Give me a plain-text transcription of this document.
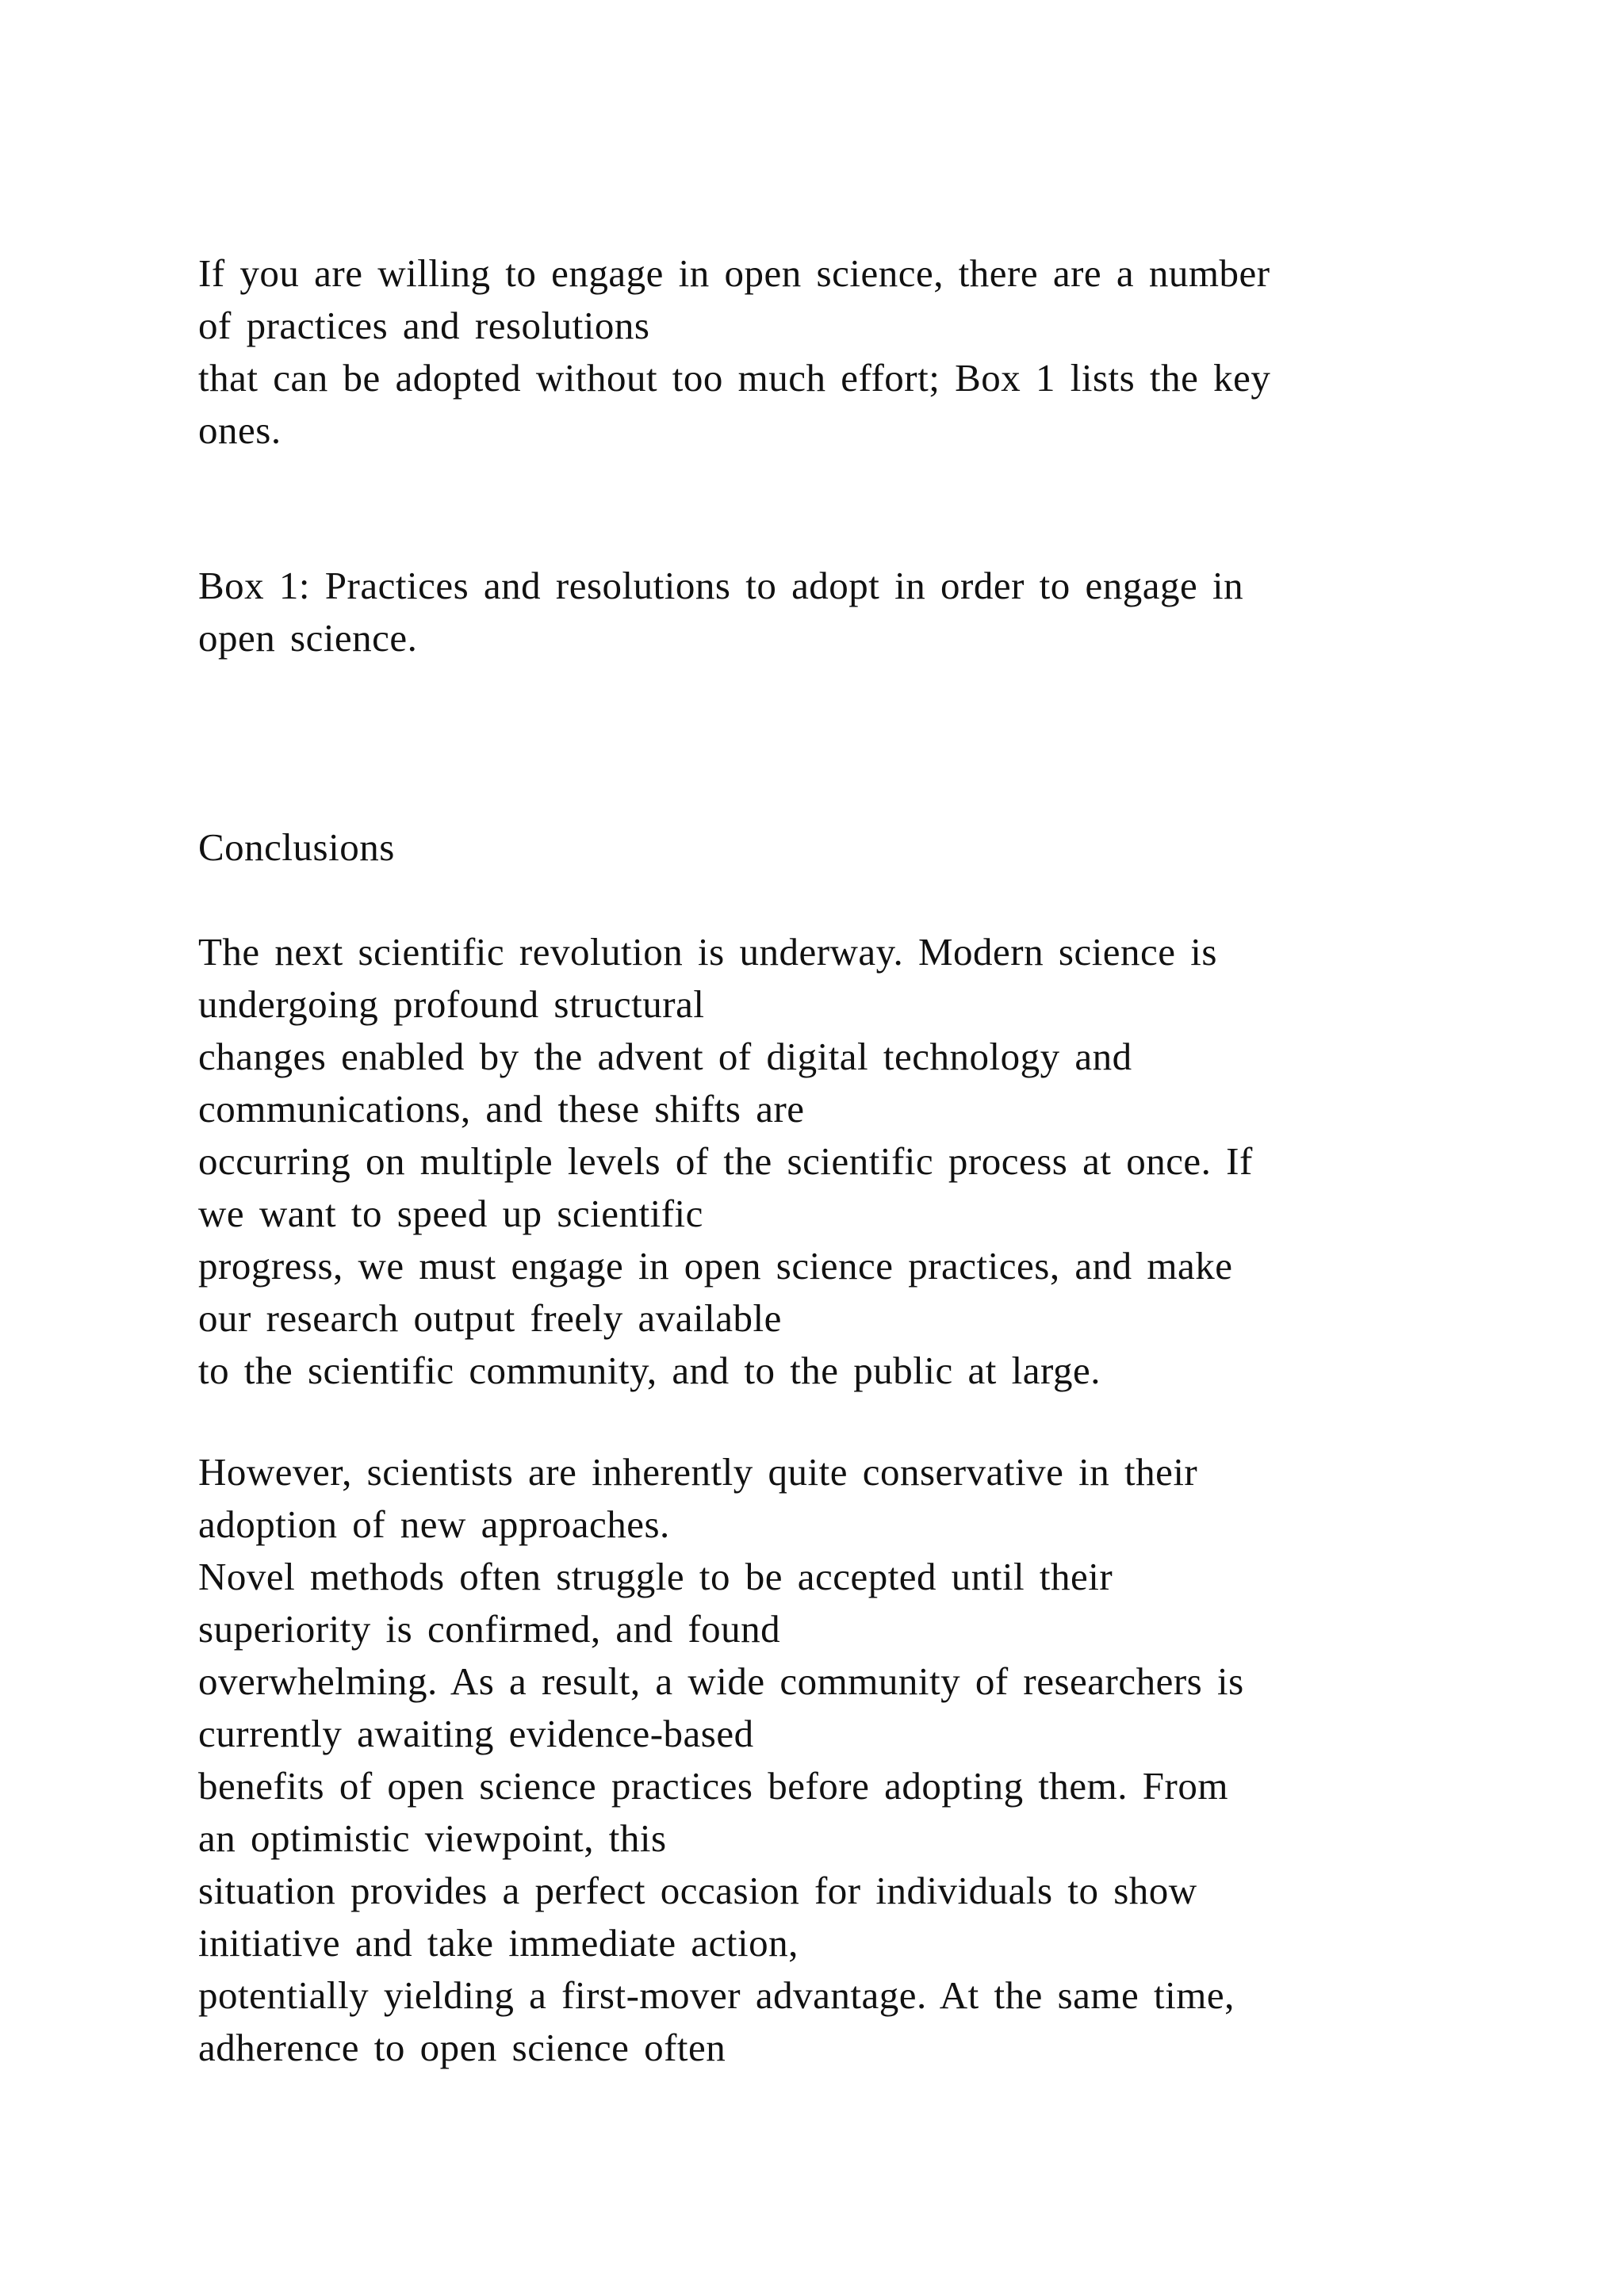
If you are willing to engage in open science, there are a number
of practices and resolutions
that can be adopted without too much effort; Box 1 lists the key
ones.
Box 1: Practices and resolutions to adopt in order to engage in
open science.
Conclusions
The next scientific revolution is underway. Modern science is
undergoing profound structural
changes enabled by the advent of digital technology and
communications, and these shifts are
occurring on multiple levels of the scientific process at once. If
we want to speed up scientific
progress, we must engage in open science practices, and make
our research output freely available
to the scientific community, and to the public at large.
However, scientists are inherently quite conservative in their
adoption of new approaches.
Novel methods often struggle to be accepted until their
superiority is confirmed, and found
overwhelming. As a result, a wide community of researchers is
currently awaiting evidence-based
benefits of open science practices before adopting them. From
an optimistic viewpoint, this
situation provides a perfect occasion for individuals to show
initiative and take immediate action,
potentially yielding a first-mover advantage. At the same time,
adherence to open science often
